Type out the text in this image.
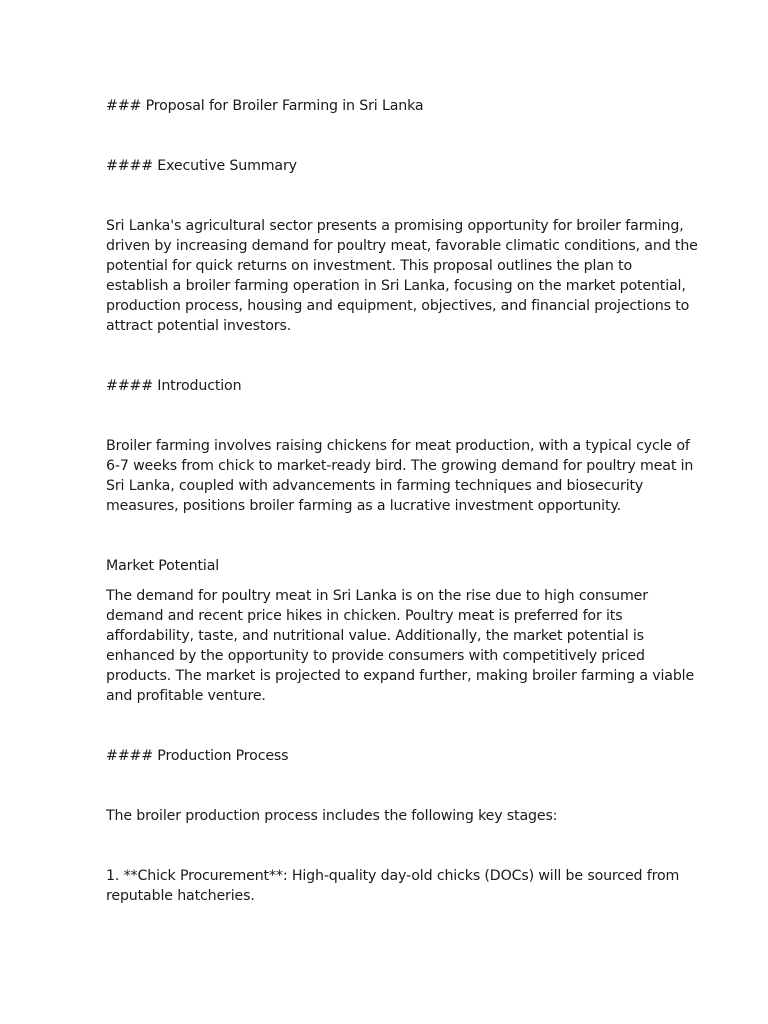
### Proposal for Broiler Farming in Sri Lanka

#### Executive Summary

Sri Lanka's agricultural sector presents a promising opportunity for broiler farming,
driven by increasing demand for poultry meat, favorable climatic conditions, and the
potential for quick returns on investment. This proposal outlines the plan to
establish a broiler farming operation in Sri Lanka, focusing on the market potential,
production process, housing and equipment, objectives, and financial projections to
attract potential investors.

#### Introduction

Broiler farming involves raising chickens for meat production, with a typical cycle of
6-7 weeks from chick to market-ready bird. The growing demand for poultry meat in
Sri Lanka, coupled with advancements in farming techniques and biosecurity
measures, positions broiler farming as a lucrative investment opportunity.

Market Potential

The demand for poultry meat in Sri Lanka is on the rise due to high consumer
demand and recent price hikes in chicken. Poultry meat is preferred for its
affordability, taste, and nutritional value. Additionally, the market potential is
enhanced by the opportunity to provide consumers with competitively priced
products. The market is projected to expand further, making broiler farming a viable
and profitable venture.

#### Production Process

The broiler production process includes the following key stages:

1. **Chick Procurement**: High-quality day-old chicks (DOCs) will be sourced from
reputable hatcheries.
